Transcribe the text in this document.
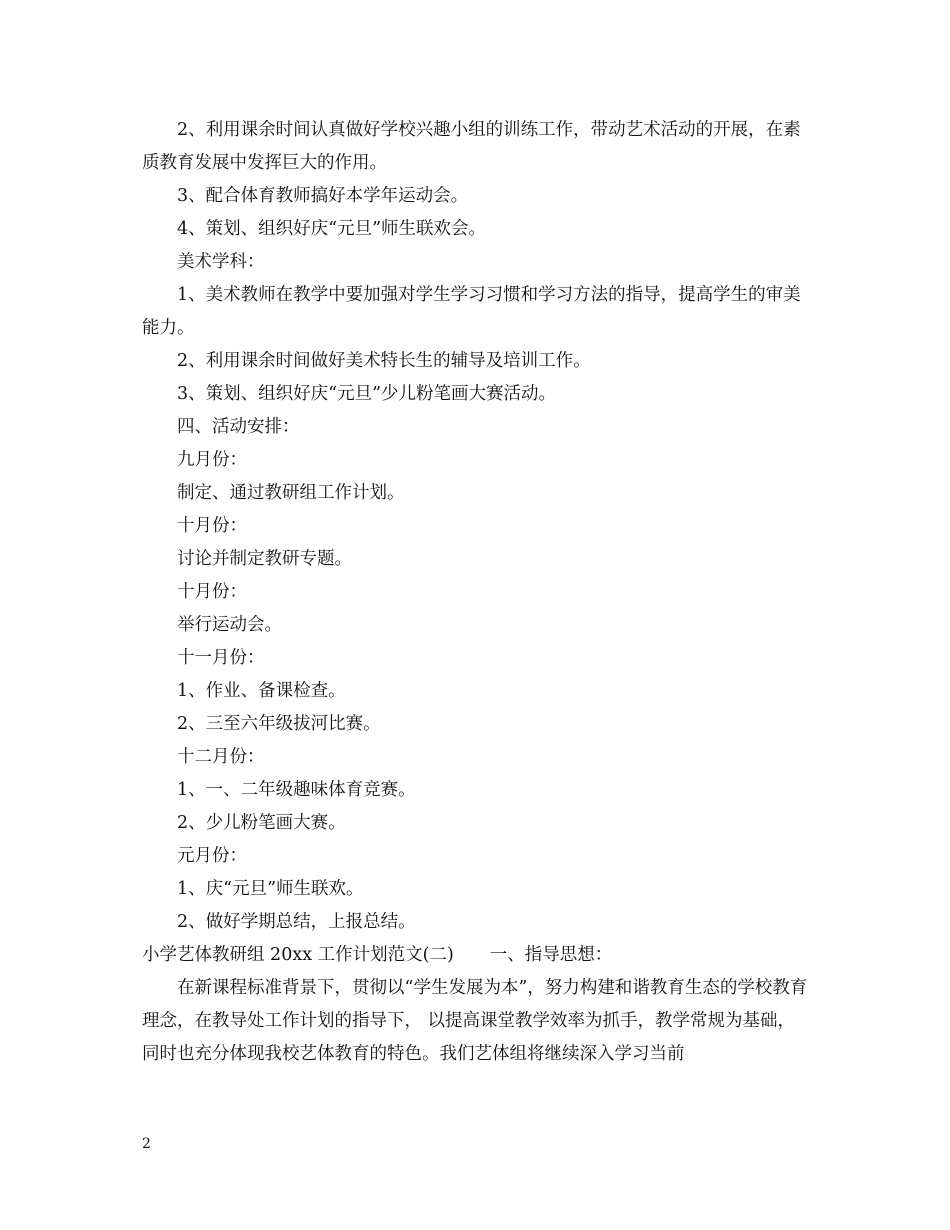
2、利用课余时间认真做好学校兴趣小组的训练工作，带动艺术活动的开展，在素质教育发展中发挥巨大的作用。

3、配合体育教师搞好本学年运动会。

4、策划、组织好庆“元旦”师生联欢会。

美术学科：

1、美术教师在教学中要加强对学生学习习惯和学习方法的指导，提高学生的审美能力。

2、利用课余时间做好美术特长生的辅导及培训工作。

3、策划、组织好庆“元旦”少儿粉笔画大赛活动。

四、活动安排：

九月份：

制定、通过教研组工作计划。

十月份：

讨论并制定教研专题。

十月份：

举行运动会。

十一月份：

1、作业、备课检查。

2、三至六年级拔河比赛。

十二月份：

1、一、二年级趣味体育竞赛。

2、少儿粉笔画大赛。

元月份：

1、庆“元旦”师生联欢。

2、做好学期总结，上报总结。

小学艺体教研组 20xx 工作计划范文(二) 一、指导思想：

在新课程标准背景下，贯彻以“学生发展为本”，努力构建和谐教育生态的学校教育理念，在教导处工作计划的指导下， 以提高课堂教学效率为抓手，教学常规为基础，同时也充分体现我校艺体教育的特色。我们艺体组将继续深入学习当前

2
